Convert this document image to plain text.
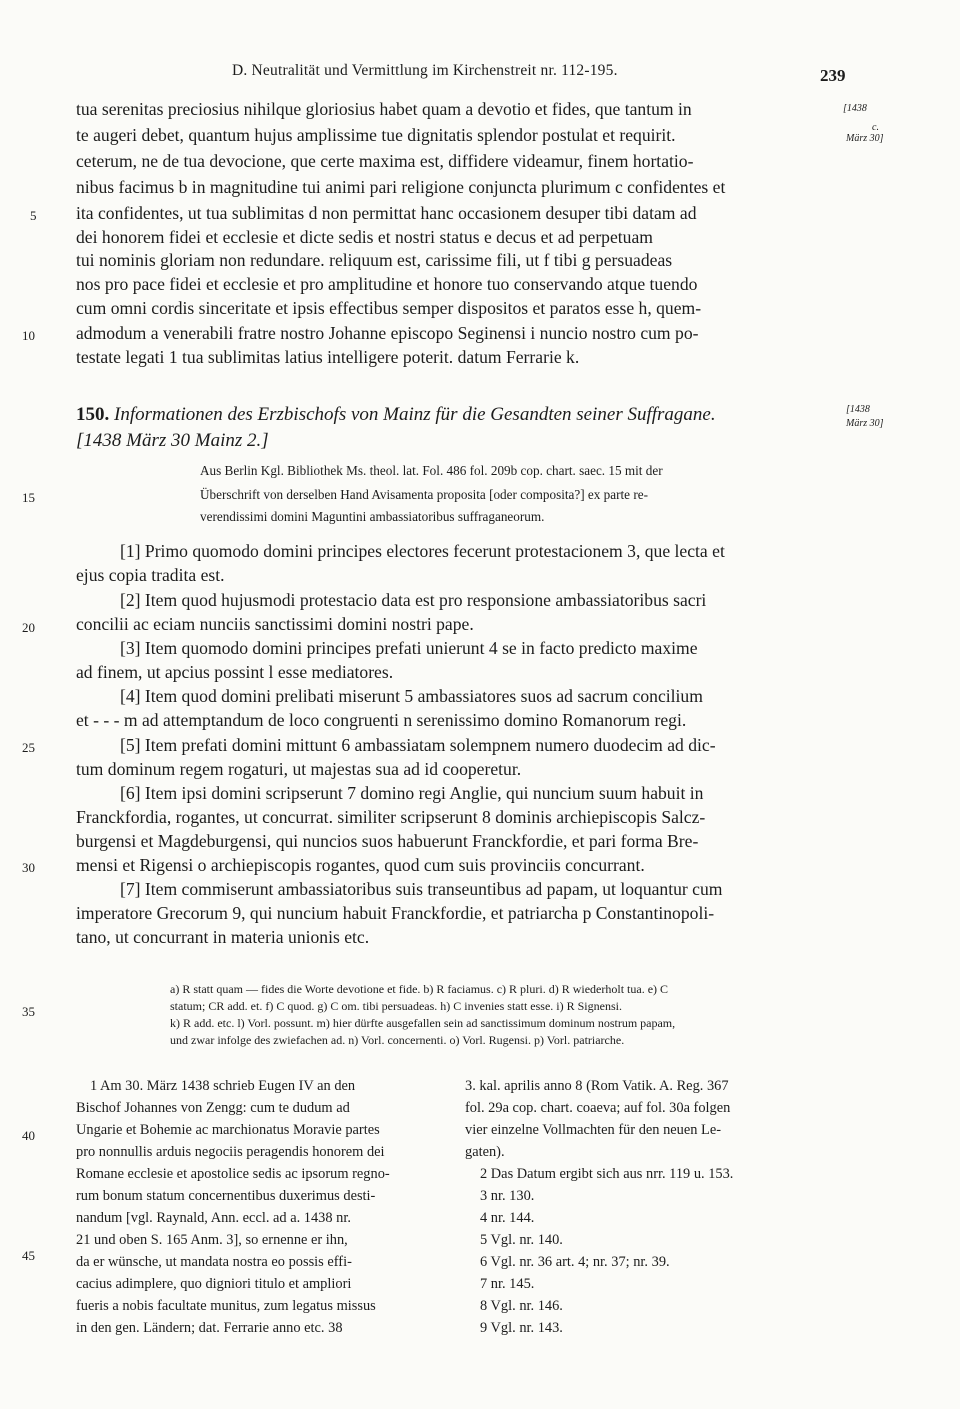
D. Neutralität und Vermittlung im Kirchenstreit nr. 112-195.	239
[1438
c.
März 30]
[1438
März 30]
5
10
15
20
25
30
35
40
45
tua serenitas preciosius nihilque gloriosius habet quam a devotio et fides, que tantum in
te augeri debet, quantum hujus amplissime tue dignitatis splendor postulat et requirit.
ceterum, ne de tua devocione, que certe maxima est, diffidere videamur, finem hortatio-
nibus facimus b in magnitudine tui animi pari religione conjuncta plurimum c confidentes et
ita confidentes, ut tua sublimitas d non permittat hanc occasionem desuper tibi datam ad
dei honorem fidei et ecclesie et dicte sedis et nostri status e decus et ad perpetuam
tui nominis gloriam non redundare. reliquum est, carissime fili, ut f tibi g persuadeas
nos pro pace fidei et ecclesie et pro amplitudine et honore tuo conservando atque tuendo
cum omni cordis sinceritate et ipsis effectibus semper dispositos et paratos esse h, quem-
admodum a venerabili fratre nostro Johanne episcopo Seginensi i nuncio nostro cum po-
testate legati 1 tua sublimitas latius intelligere poterit. datum Ferrarie k.
150. Informationen des Erzbischofs von Mainz für die Gesandten seiner Suffragane.
[1438 März 30 Mainz 2.]
Aus Berlin Kgl. Bibliothek Ms. theol. lat. Fol. 486 fol. 209b cop. chart. saec. 15 mit der
Überschrift von derselben Hand Avisamenta proposita [oder composita?] ex parte re-
verendissimi domini Maguntini ambassiatoribus suffraganeorum.
[1] Primo quomodo domini principes electores fecerunt protestacionem 3, que lecta et
ejus copia tradita est.
[2] Item quod hujusmodi protestacio data est pro responsione ambassiatoribus sacri
concilii ac eciam nunciis sanctissimi domini nostri pape.
[3] Item quomodo domini principes prefati unierunt 4 se in facto predicto maxime
ad finem, ut apcius possint l esse mediatores.
[4] Item quod domini prelibati miserunt 5 ambassiatores suos ad sacrum concilium
et - - - m ad attemptandum de loco congruenti n serenissimo domino Romanorum regi.
[5] Item prefati domini mittunt 6 ambassiatam solempnem numero duodecim ad dic-
tum dominum regem rogaturi, ut majestas sua ad id cooperetur.
[6] Item ipsi domini scripserunt 7 domino regi Anglie, qui nuncium suum habuit in
Franckfordia, rogantes, ut concurrat. similiter scripserunt 8 dominis archiepiscopis Salcz-
burgensi et Magdeburgensi, qui nuncios suos habuerunt Franckfordie, et pari forma Bre-
mensi et Rigensi o archiepiscopis rogantes, quod cum suis provinciis concurrant.
[7] Item commiserunt ambassiatoribus suis transeuntibus ad papam, ut loquantur cum
imperatore Grecorum 9, qui nuncium habuit Franckfordie, et patriarcha p Constantinopoli-
tano, ut concurrant in materia unionis etc.
a) R statt quam — fides die Worte devotione et fide. b) R faciamus. c) R pluri. d) R wiederholt tua. e) C
statum; CR add. et. f) C quod. g) C om. tibi persuadeas. h) C invenies statt esse. i) R Signensi.
k) R add. etc. l) Vorl. possunt. m) hier dürfte ausgefallen sein ad sanctissimum dominum nostrum papam,
und zwar infolge des zwiefachen ad. n) Vorl. concernenti. o) Vorl. Rugensi. p) Vorl. patriarche.
1 Am 30. März 1438 schrieb Eugen IV an den
Bischof Johannes von Zengg: cum te dudum ad
Ungarie et Bohemie ac marchionatus Moravie partes
pro nonnullis arduis negociis peragendis honorem dei
Romane ecclesie et apostolice sedis ac ipsorum regno-
rum bonum statum concernentibus duxerimus desti-
nandum [vgl. Raynald, Ann. eccl. ad a. 1438 nr.
21 und oben S. 165 Anm. 3], so ernenne er ihn,
da er wünsche, ut mandata nostra eo possis effi-
cacius adimplere, quo digniori titulo et ampliori
fueris a nobis facultate munitus, zum legatus missus
in den gen. Ländern; dat. Ferrarie anno etc. 38
3. kal. aprilis anno 8 (Rom Vatik. A. Reg. 367
fol. 29a cop. chart. coaeva; auf fol. 30a folgen
vier einzelne Vollmachten für den neuen Le-
gaten).
2 Das Datum ergibt sich aus nrr. 119 u. 153.
3 nr. 130.
4 nr. 144.
5 Vgl. nr. 140.
6 Vgl. nr. 36 art. 4; nr. 37; nr. 39.
7 nr. 145.
8 Vgl. nr. 146.
9 Vgl. nr. 143.
